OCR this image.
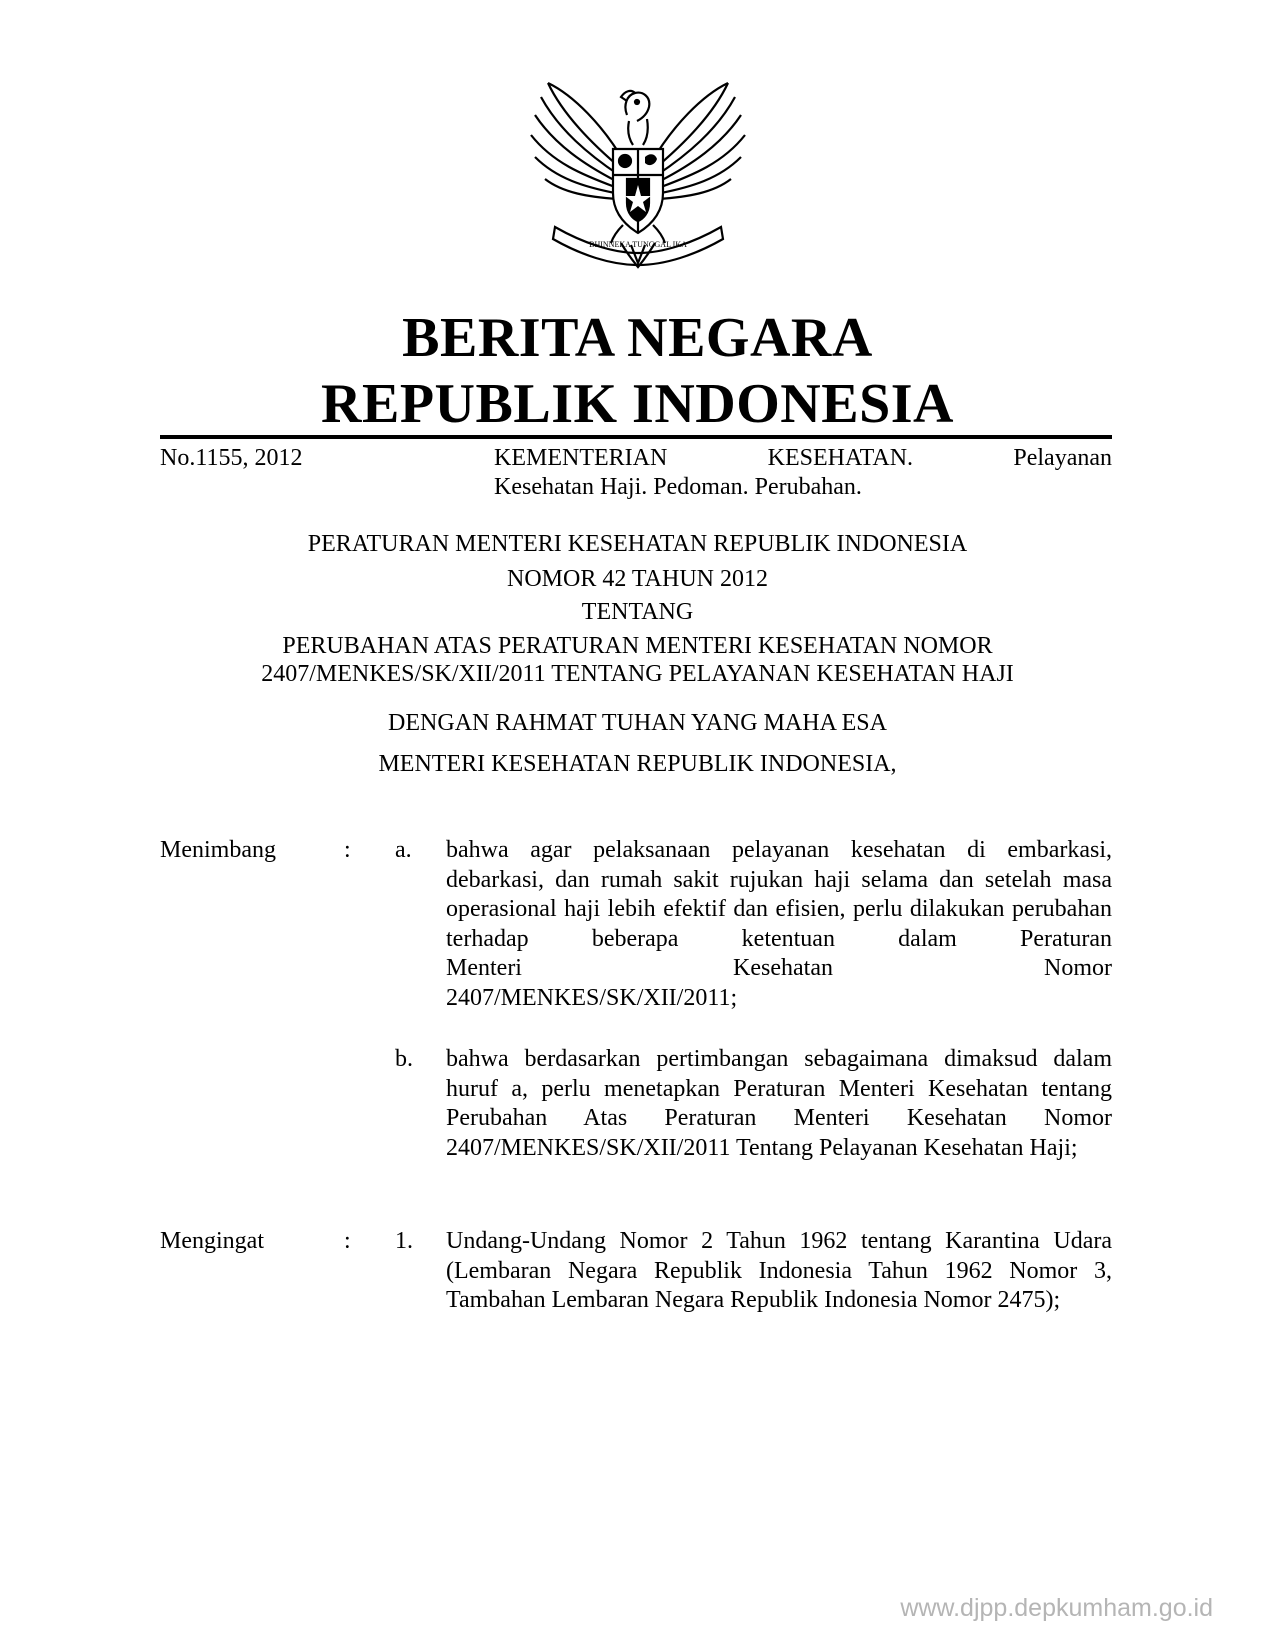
BHINNEKA TUNGGAL IKA
BERITA NEGARA
REPUBLIK INDONESIA
No.1155, 2012	KEMENTERIAN	KESEHATAN.	Pelayanan
Kesehatan Haji. Pedoman. Perubahan.
PERATURAN MENTERI KESEHATAN REPUBLIK INDONESIA
NOMOR 42 TAHUN 2012
TENTANG
PERUBAHAN ATAS PERATURAN MENTERI KESEHATAN NOMOR
2407/MENKES/SK/XII/2011 TENTANG PELAYANAN KESEHATAN HAJI
DENGAN RAHMAT TUHAN YANG MAHA ESA
MENTERI KESEHATAN REPUBLIK INDONESIA,
Menimbang	: a. bahwa agar pelaksanaan pelayanan kesehatan di embarkasi, debarkasi, dan rumah sakit rujukan haji selama dan setelah masa operasional haji lebih efektif dan efisien, perlu dilakukan perubahan terhadap beberapa ketentuan dalam Peraturan
Menteri	Kesehatan	Nomor
2407/MENKES/SK/XII/2011;
b. bahwa berdasarkan pertimbangan sebagaimana dimaksud dalam huruf a, perlu menetapkan Peraturan Menteri Kesehatan tentang Perubahan Atas Peraturan Menteri Kesehatan Nomor 2407/MENKES/SK/XII/2011 Tentang Pelayanan Kesehatan Haji;
Mengingat	: 1. Undang-Undang Nomor 2 Tahun 1962 tentang Karantina Udara (Lembaran Negara Republik Indonesia Tahun 1962 Nomor 3, Tambahan Lembaran Negara Republik Indonesia Nomor 2475);
www.djpp.depkumham.go.id
